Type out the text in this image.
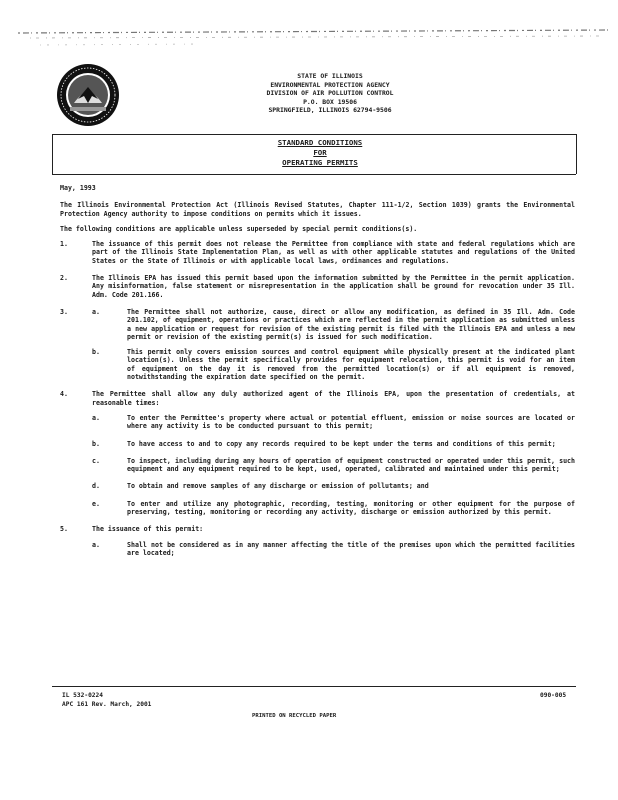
STATE OF ILLINOIS
ENVIRONMENTAL PROTECTION AGENCY
DIVISION OF AIR POLLUTION CONTROL
P.O. BOX 19506
SPRINGFIELD, ILLINOIS 62794-9506
STANDARD CONDITIONS
FOR
OPERATING PERMITS
May, 1993

The Illinois Environmental Protection Act (Illinois Revised Statutes, Chapter 111-1/2, Section 1039) grants the Environmental Protection Agency authority to impose conditions on permits which it issues.

The following conditions are applicable unless superseded by special permit conditions(s).

1.	The issuance of this permit does not release the Permittee from compliance with state and federal regulations which are part of the Illinois State Implementation Plan, as well as with other applicable statutes and regulations of the United States or the State of Illinois or with applicable local laws, ordinances and regulations.
2.	The Illinois EPA has issued this permit based upon the information submitted by the Permittee in the permit application. Any misinformation, false statement or misrepresentation in the application shall be ground for revocation under 35 Ill. Adm. Code 201.166.
3.	a.	The Permittee shall not authorize, cause, direct or allow any modification, as defined in 35 Ill. Adm. Code 201.102, of equipment, operations or practices which are reflected in the permit application as submitted unless a new application or request for revision of the existing permit is filed with the Illinois EPA and unless a new permit or revision of the existing permit(s) is issued for such modification.
b.	This permit only covers emission sources and control equipment while physically present at the indicated plant location(s). Unless the permit specifically provides for equipment relocation, this permit is void for an item of equipment on the day it is removed from the permitted location(s) or if all equipment is removed, notwithstanding the expiration date specified on the permit.
4.	The Permittee shall allow any duly authorized agent of the Illinois EPA, upon the presentation of credentials, at reasonable times:
a.	To enter the Permittee's property where actual or potential effluent, emission or noise sources are located or where any activity is to be conducted pursuant to this permit;
b.	To have access to and to copy any records required to be kept under the terms and conditions of this permit;
c.	To inspect, including during any hours of operation of equipment constructed or operated under this permit, such equipment and any equipment required to be kept, used, operated, calibrated and maintained under this permit;
d.	To obtain and remove samples of any discharge or emission of pollutants; and
e.	To enter and utilize any photographic, recording, testing, monitoring or other equipment for the purpose of preserving, testing, monitoring or recording any activity, discharge or emission authorized by this permit.
5.	The issuance of this permit:
a.	Shall not be considered as in any manner affecting the title of the premises upon which the permitted facilities are located;
IL 532-0224
APC 161 Rev. March, 2001
090-005
PRINTED ON RECYCLED PAPER
